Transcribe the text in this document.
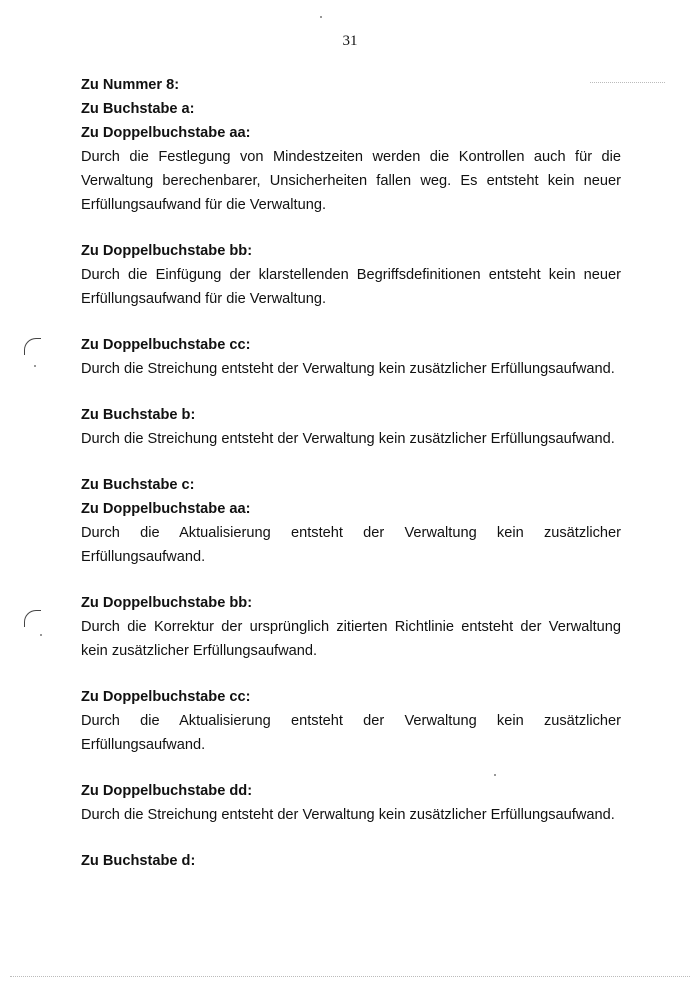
31
Zu Nummer 8:
Zu Buchstabe a:
Zu Doppelbuchstabe aa:
Durch die Festlegung von Mindestzeiten werden die Kontrollen auch für die Verwaltung berechenbarer, Unsicherheiten fallen weg. Es entsteht kein neuer Erfüllungsaufwand für die Verwaltung.
Zu Doppelbuchstabe bb:
Durch die Einfügung der klarstellenden Begriffsdefinitionen entsteht kein neuer Erfüllungsaufwand für die Verwaltung.
Zu Doppelbuchstabe cc:
Durch die Streichung entsteht der Verwaltung kein zusätzlicher Erfüllungsaufwand.
Zu Buchstabe b:
Durch die Streichung entsteht der Verwaltung kein zusätzlicher Erfüllungsaufwand.
Zu Buchstabe c:
Zu Doppelbuchstabe aa:
Durch die Aktualisierung entsteht der Verwaltung kein zusätzlicher Erfüllungsaufwand.
Zu Doppelbuchstabe bb:
Durch die Korrektur der ursprünglich zitierten Richtlinie entsteht der Verwaltung kein zusätzlicher Erfüllungsaufwand.
Zu Doppelbuchstabe cc:
Durch die Aktualisierung entsteht der Verwaltung kein zusätzlicher Erfüllungsaufwand.
Zu Doppelbuchstabe dd:
Durch die Streichung entsteht der Verwaltung kein zusätzlicher Erfüllungsaufwand.
Zu Buchstabe d:
